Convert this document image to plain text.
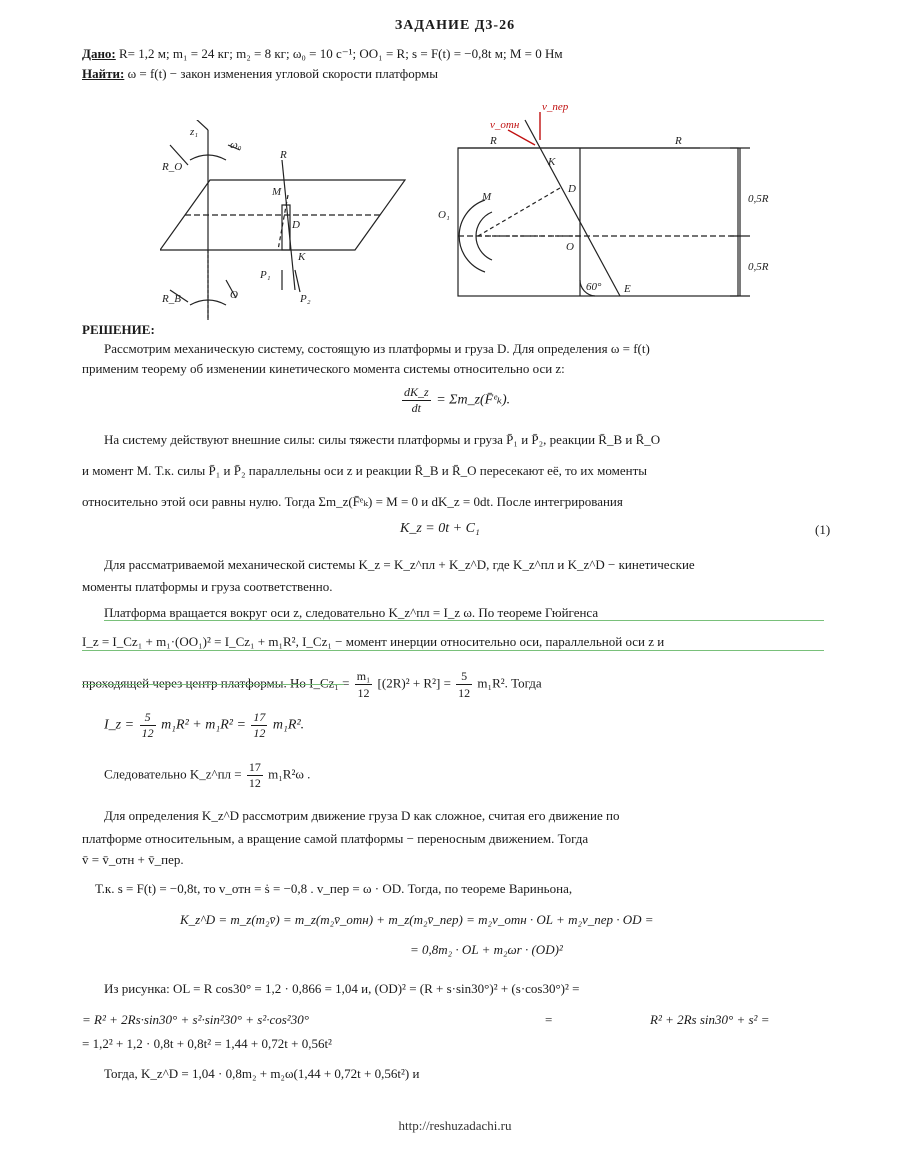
ЗАДАНИЕ Д3-26
Дано: R= 1,2 м; m₁ = 24 кг; m₂ = 8 кг; ω₀ = 10 с⁻¹; OO₁ = R; s = F(t) = −0,8t м; M = 0 Нм
Найти: ω = f(t) − закон изменения угловой скорости платформы
z₁
ω₀
R
M
D
P₁
P₂
R_B
R_O
K
O
v_пер
v_отн
R	R
D
K
O
O₁
M	0,5R
0,5R
60° E
РЕШЕНИЕ:
Рассмотрим механическую систему, состоящую из платформы и груза D. Для определения ω = f(t)
применим теорему об изменении кинетического момента системы относительно оси z:
$\frac{dK\_z}{dt}$ = Σm_z(F̄ᵉₖ).
На систему действуют внешние силы: силы тяжести платформы и груза P̄₁ и P̄₂, реакции R̄_B и R̄_O
и момент M. Т.к. силы P̄₁ и P̄₂ параллельны оси z и реакции R̄_B и R̄_O пересекают её, то их моменты
относительно этой оси равны нулю. Тогда Σm_z(F̄ᵉₖ) = M = 0 и dK_z = 0dt. После интегрирования
K_z = 0t + C₁	(1)
Для рассматриваемой механической системы K_z = K_z^пл + K_z^D, где K_z^пл и K_z^D − кинетические
моменты платформы и груза соответственно.
Платформа вращается вокруг оси z, следовательно K_z^пл = I_z ω. По теореме Гюйгенса
I_z = I_Cz₁ + m₁·(OO₁)² = I_Cz₁ + m₁R², I_Cz₁ − момент инерции относительно оси, параллельной оси z и
проходящей через центр платформы. Но I_Cz₁ = $\frac{\text{m₁}}{12} [(2R)^2 + R^2] = \frac{5}{12} m_1R^2$. Тогда
I_z = $\frac{5}{12} m_1R^2 + m_1R^2 = \frac{17}{12} m_1R^2$.
Следовательно K_z^пл = $\frac{17}{12} m_1R^2\omega$ .
Для определения K_z^D рассмотрим движение груза D как сложное, считая его движение по
платформе относительным, а вращение самой платформы − переносным движением. Тогда
v̄ = v̄_отн + v̄_пер.
Т.к. s = F(t) = −0,8t, то v_отн = ṡ = −0,8 . v_пер = ω · OD. Тогда, по теореме Вариньона,
K_z^D = m_z(m₂v̄) = m_z(m₂v̄_отн) + m_z(m₂v̄_пер) = m₂v_отн · OL + m₂v_пер · OD =
= 0,8m₂ · OL + m₂ωr · (OD)²
Из рисунка: OL = R cos30° = 1,2 · 0,866 = 1,04 и, (OD)² = (R + s·sin30°)² + (s·cos30°)² =
= R² + 2Rs·sin30° + s²·sin²30° + s²·cos²30°	=	R² + 2Rs sin30° + s² =
= 1,2² + 1,2 · 0,8t + 0,8t² = 1,44 + 0,72t + 0,56t²
Тогда, K_z^D = 1,04 · 0,8m₂ + m₂ω(1,44 + 0,72t + 0,56t²) и
http://reshuzadachi.ru
